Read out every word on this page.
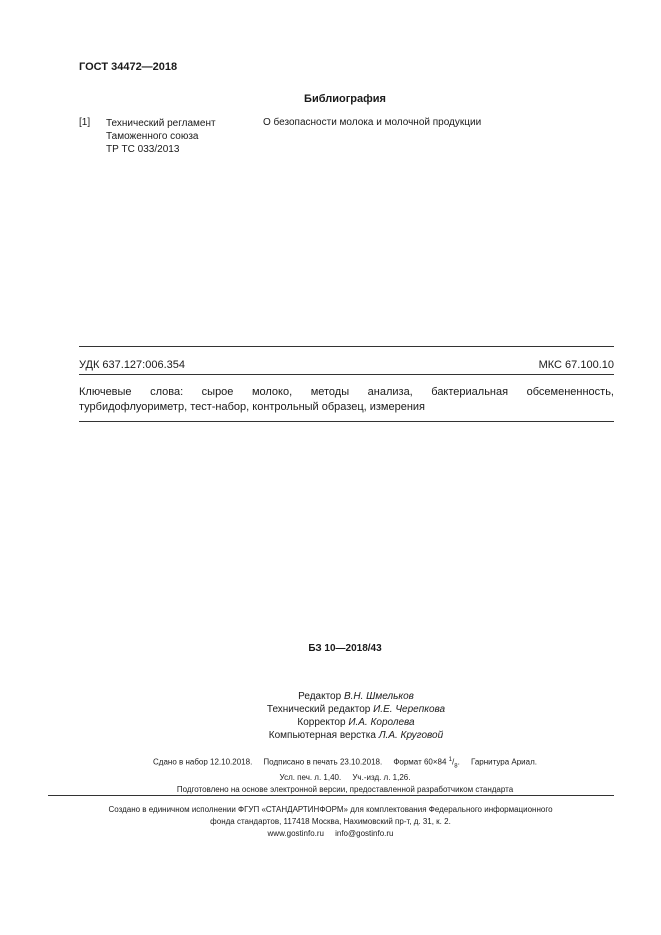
ГОСТ 34472—2018
Библиография
[1] Технический регламент
Таможенного союза
ТР ТС 033/2013
О безопасности молока и молочной продукции
УДК 637.127:006.354	МКС 67.100.10
Ключевые слова: сырое молоко, методы анализа, бактериальная обсемененность, турбидофлуориметр, тест-набор, контрольный образец, измерения
БЗ 10—2018/43
Редактор В.Н. Шмельков
Технический редактор И.Е. Черепкова
Корректор И.А. Королева
Компьютерная верстка Л.А. Круговой
Сдано в набор 12.10.2018. Подписано в печать 23.10.2018. Формат 60×84 $^1/_8$.     Гарнитура Ариал.
Усл. печ. л. 1,40. Уч.-изд. л. 1,26.
Подготовлено на основе электронной версии, предоставленной разработчиком стандарта
Создано в единичном исполнении ФГУП «СТАНДАРТИНФОРМ» для комплектования Федерального информационного
фонда стандартов, 117418 Москва, Нахимовский пр-т, д. 31, к. 2.
www.gostinfo.ru info@gostinfo.ru
